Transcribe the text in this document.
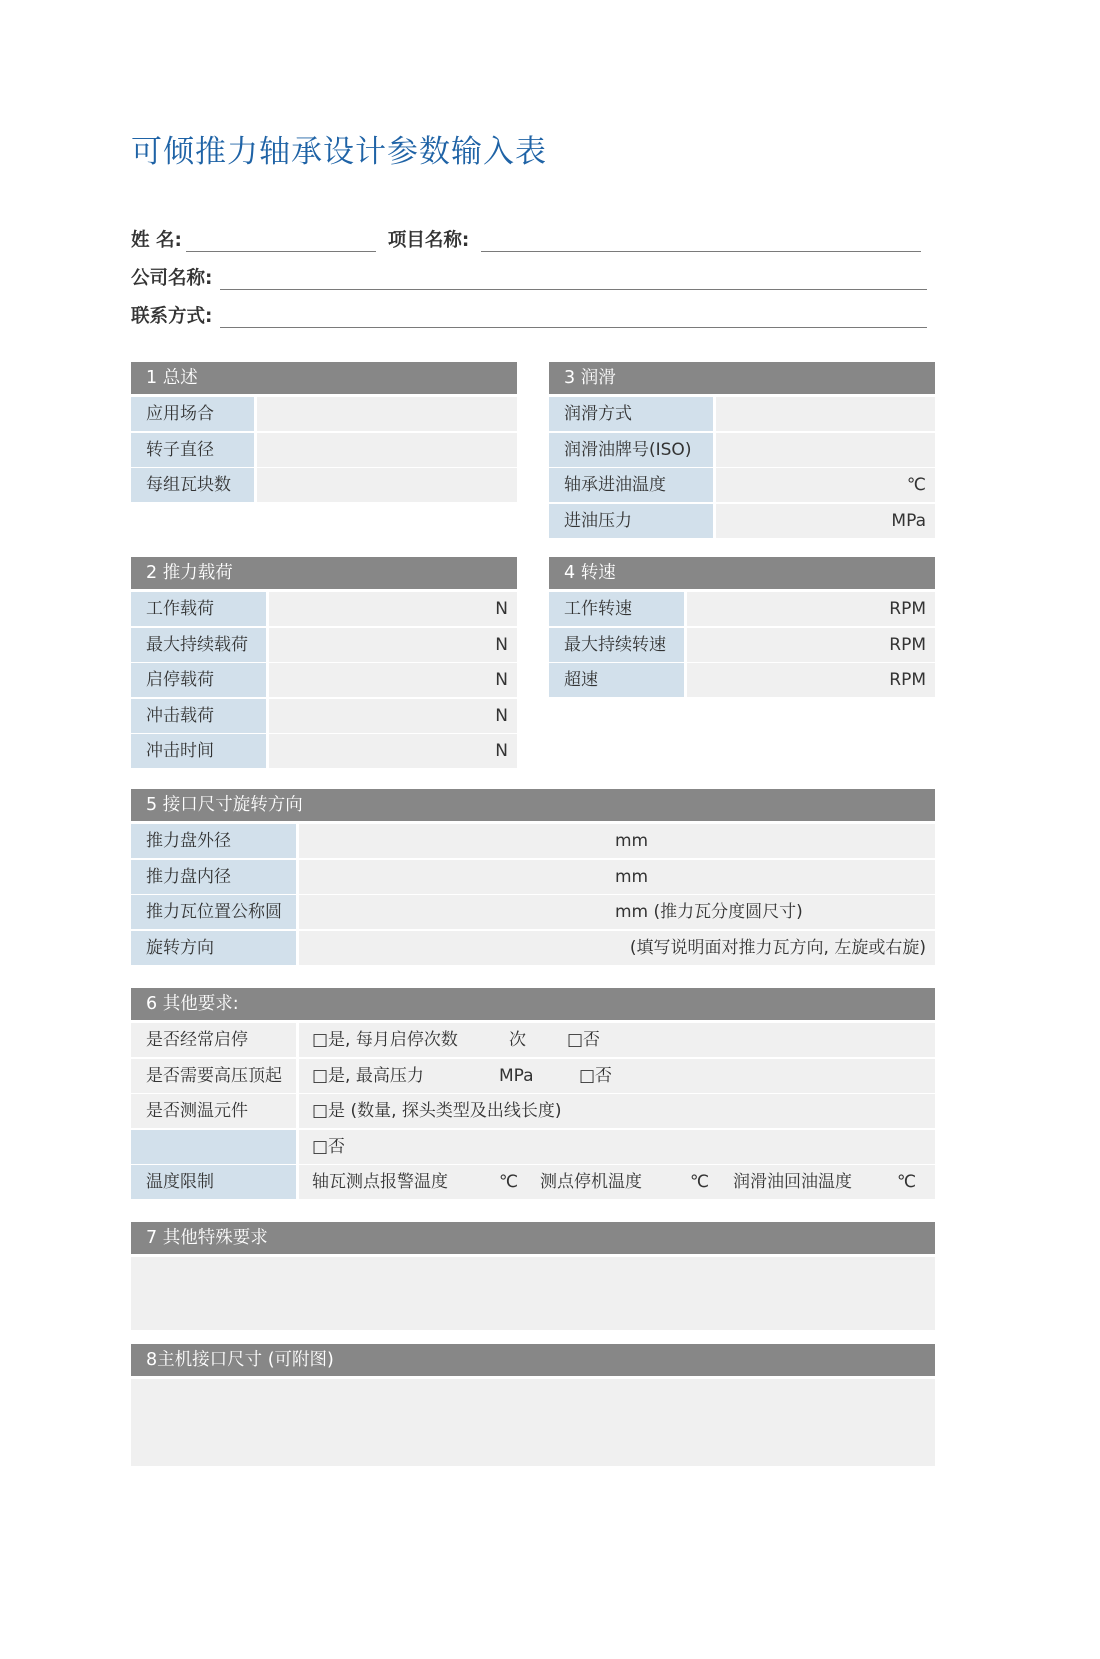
可倾推力轴承设计参数输入表
姓 名:	项目名称:
公司名称:
联系方式:
1 总述
应用场合
转子直径
每组瓦块数
3 润滑
润滑方式
润滑油牌号(ISO)
轴承进油温度	℃
进油压力	MPa
2 推力载荷
工作载荷	N
最大持续载荷	N
启停载荷	N
冲击载荷	N
冲击时间	N
4 转速
工作转速	RPM
最大持续转速	RPM
超速	RPM
5 接口尺寸旋转方向
推力盘外径	mm
推力盘内径	mm
推力瓦位置公称圆	mm (推力瓦分度圆尺寸)
旋转方向	(填写说明面对推力瓦方向, 左旋或右旋)
6 其他要求:
是否经常启停	□是, 每月启停次数	次 □否
是否需要高压顶起	□是, 最高压力	MPa	□否
是否测温元件	□是 (数量, 探头类型及出线长度)
□否
温度限制	轴瓦测点报警温度	℃ 测点停机温度	℃ 润滑油回油温度	℃
7 其他特殊要求
8主机接口尺寸 (可附图)
